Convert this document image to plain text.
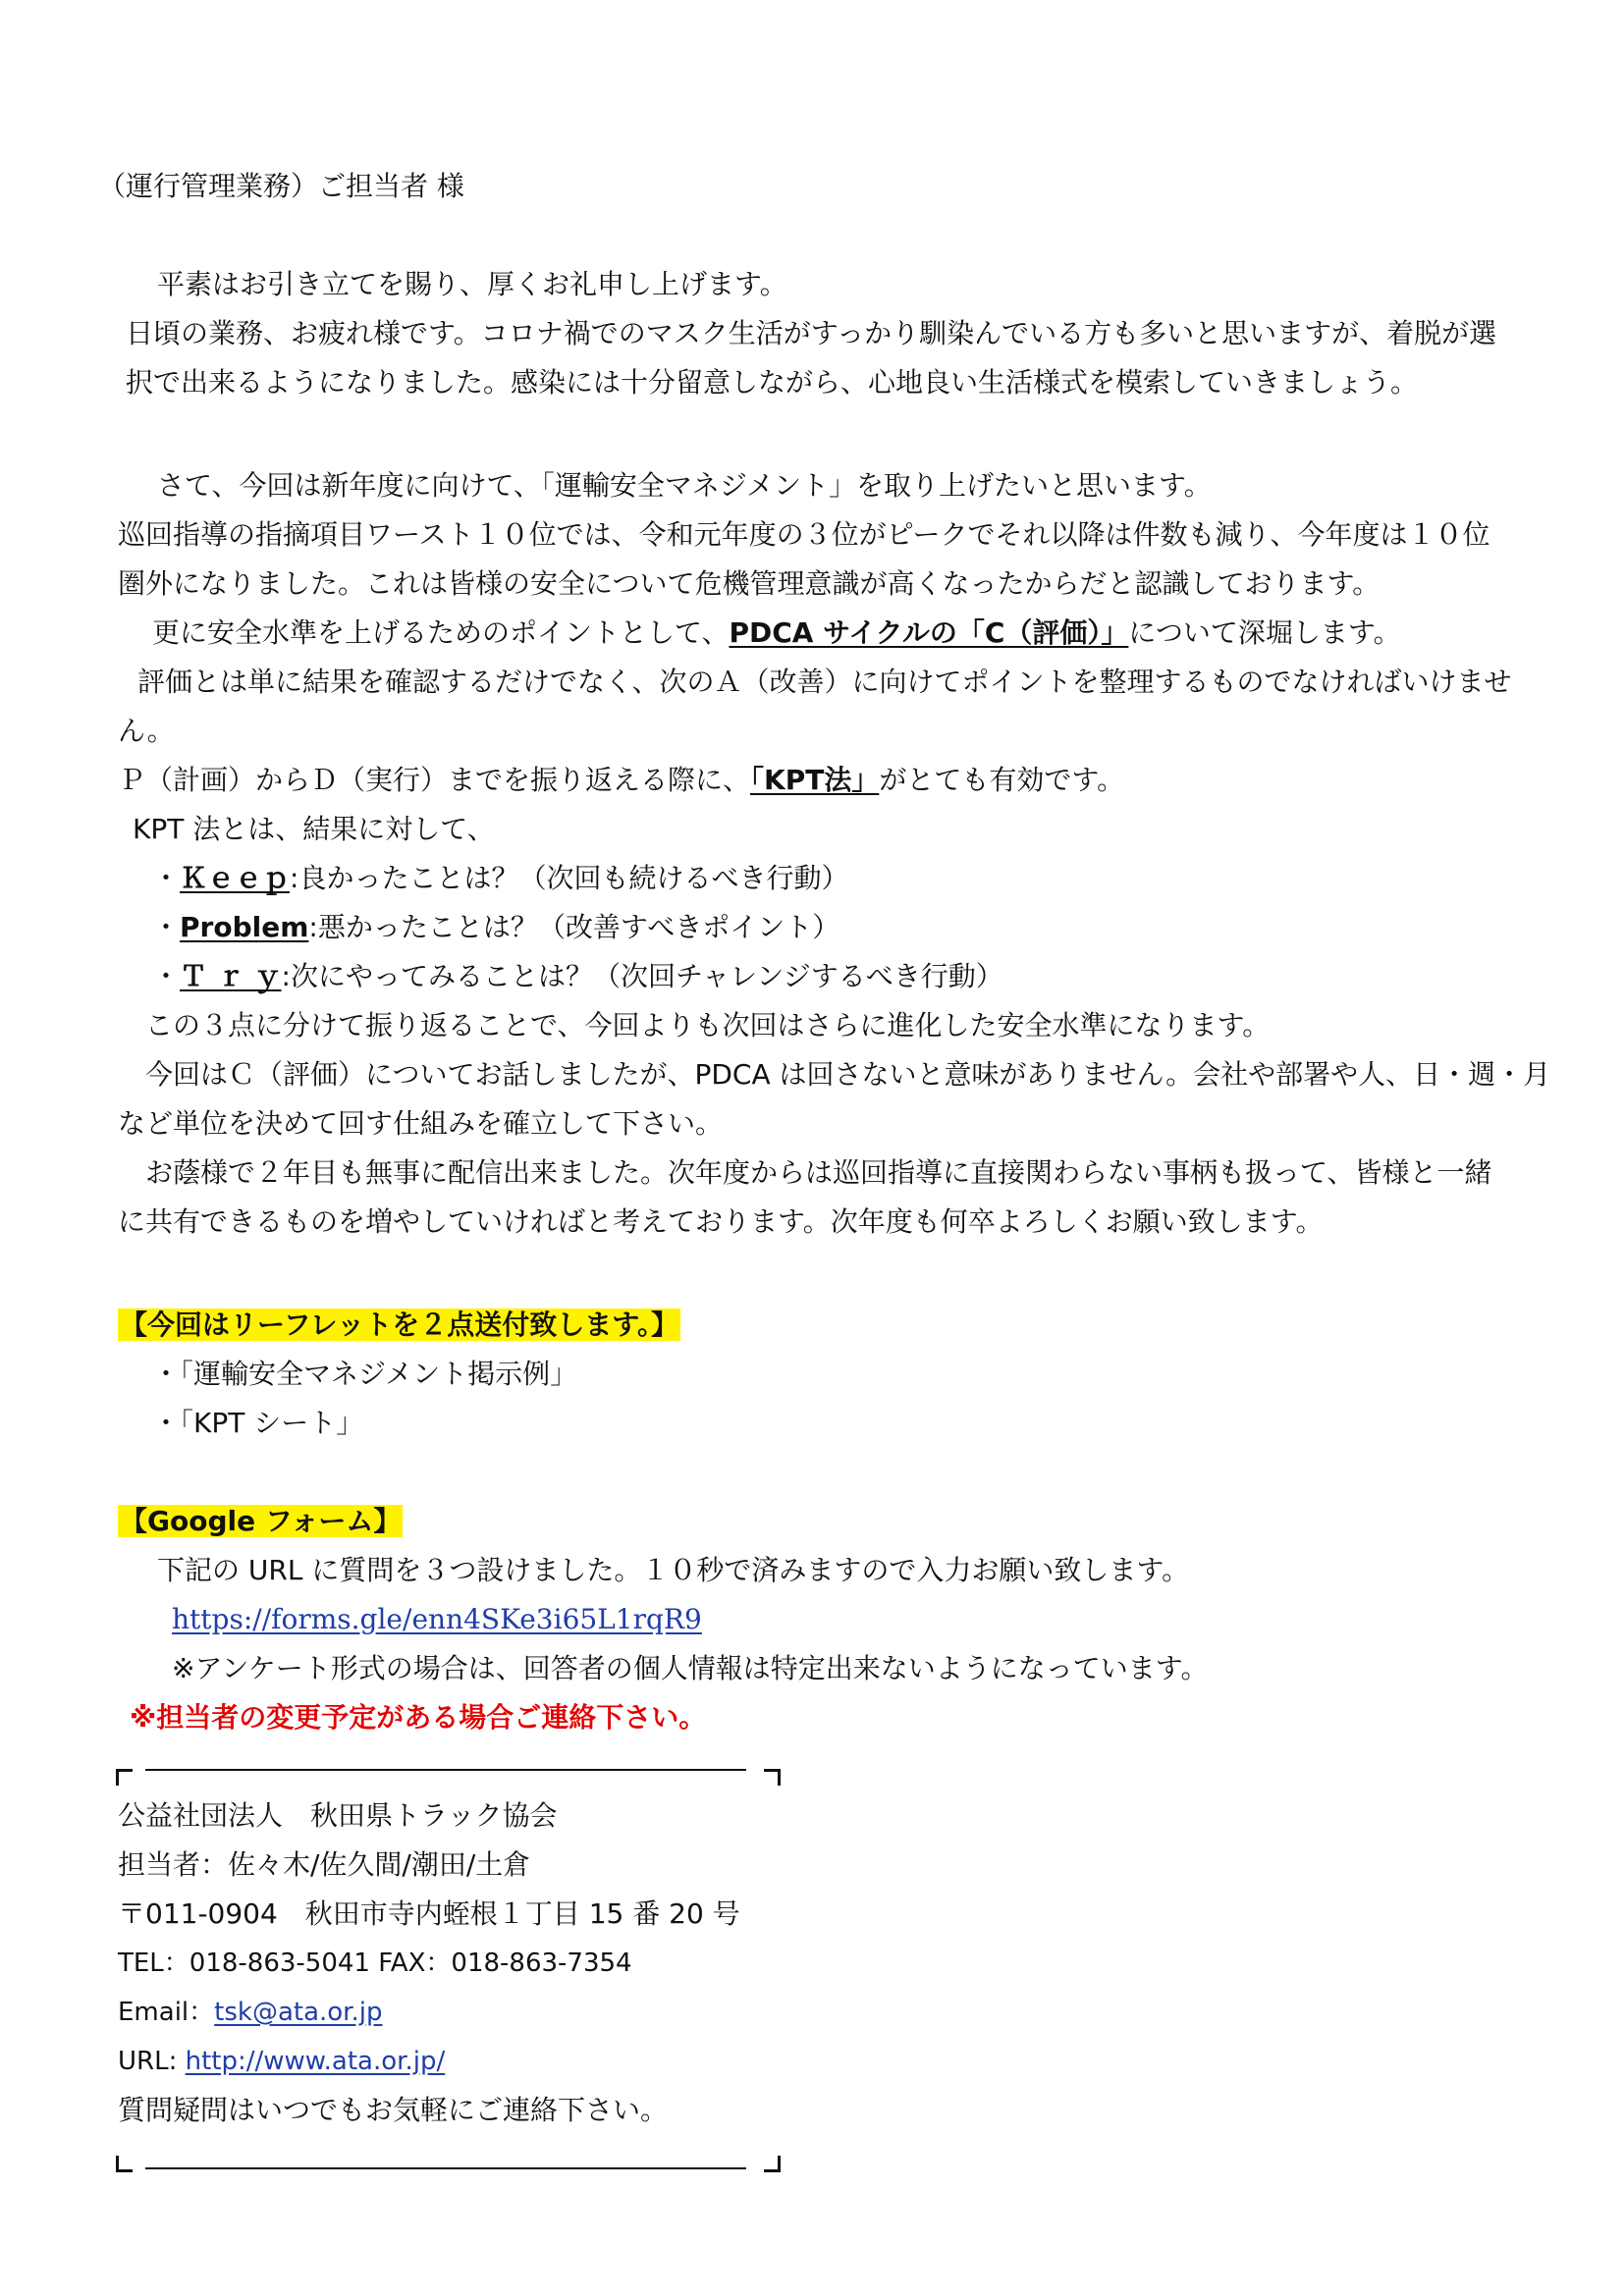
（運行管理業務）ご担当者 様
平素はお引き立てを賜り、厚くお礼申し上げます。
日頃の業務、お疲れ様です。コロナ禍でのマスク生活がすっかり馴染んでいる方も多いと思いますが、着脱が選
択で出来るようになりました。感染には十分留意しながら、心地良い生活様式を模索していきましょう。
さて、今回は新年度に向けて、「運輸安全マネジメント」を取り上げたいと思います。
巡回指導の指摘項目ワースト１０位では、令和元年度の３位がピークでそれ以降は件数も減り、今年度は１０位
圏外になりました。これは皆様の安全について危機管理意識が高くなったからだと認識しております。
更に安全水準を上げるためのポイントとして、PDCA サイクルの「C（評価）」について深堀します。
評価とは単に結果を確認するだけでなく、次のＡ（改善）に向けてポイントを整理するものでなければいけませ
ん。
Ｐ（計画）からＤ（実行）までを振り返える際に、「KPT法」がとても有効です。
KPT 法とは、結果に対して、
・Ｋｅｅｐ:良かったことは？（次回も続けるべき行動）
・Problem:悪かったことは？（改善すべきポイント）
・Ｔ ｒ ｙ:次にやってみることは？（次回チャレンジするべき行動）
この３点に分けて振り返ることで、今回よりも次回はさらに進化した安全水準になります。
今回はＣ（評価）についてお話しましたが、PDCA は回さないと意味がありません。会社や部署や人、日・週・月
など単位を決めて回す仕組みを確立して下さい。
お蔭様で２年目も無事に配信出来ました。次年度からは巡回指導に直接関わらない事柄も扱って、皆様と一緒
に共有できるものを増やしていければと考えております。次年度も何卒よろしくお願い致します。
【今回はリーフレットを２点送付致します。】
・「運輸安全マネジメント掲示例」
・「KPT シート」
【Google フォーム】
下記の URL に質問を３つ設けました。１０秒で済みますので入力お願い致します。
https://forms.gle/enn4SKe3i65L1rqR9
※アンケート形式の場合は、回答者の個人情報は特定出来ないようになっています。
※担当者の変更予定がある場合ご連絡下さい。
公益社団法人　秋田県トラック協会
担当者：佐々木/佐久間/潮田/土倉
〒011-0904　秋田市寺内蛭根１丁目 15 番 20 号
TEL：018-863-5041 FAX：018-863-7354
Email：tsk@ata.or.jp
URL: http://www.ata.or.jp/
質問疑問はいつでもお気軽にご連絡下さい。
